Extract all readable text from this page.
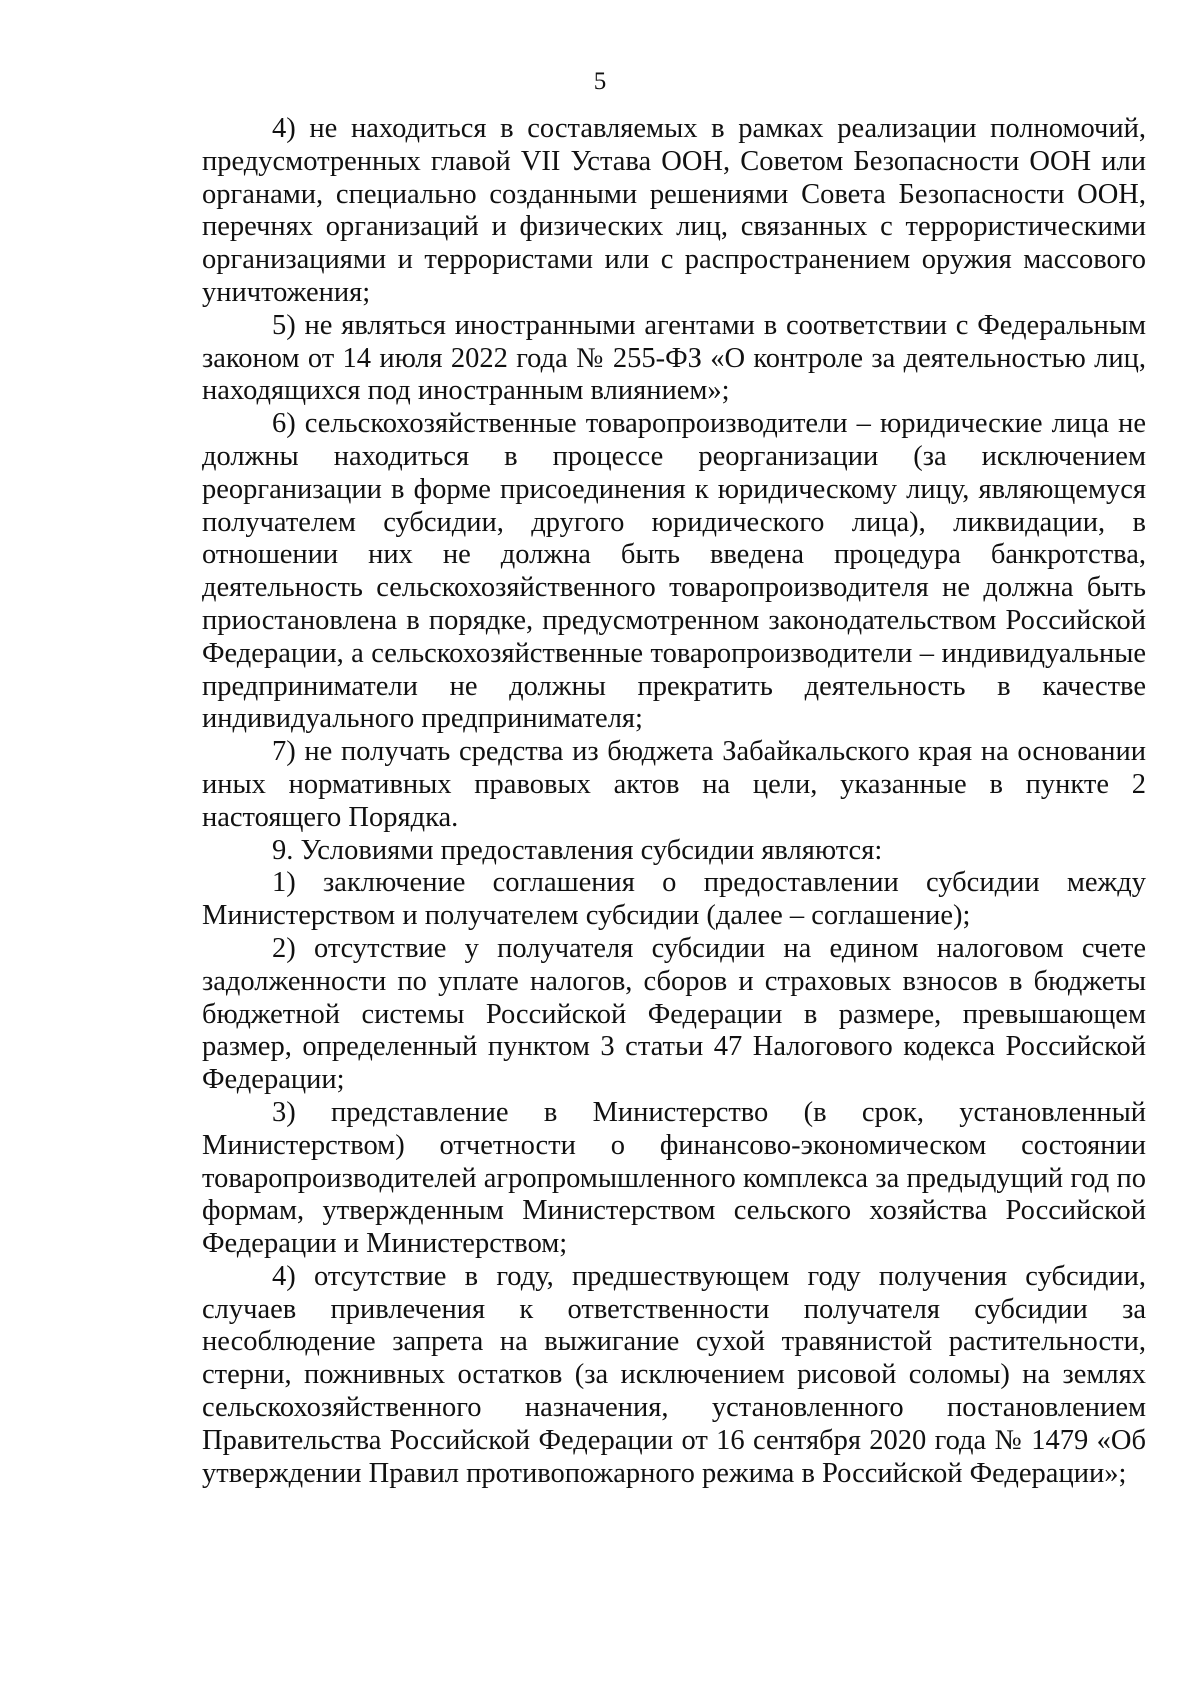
5

4) не находиться в составляемых в рамках реализации полномочий, предусмотренных главой VII Устава ООН, Советом Безопасности ООН или органами, специально созданными решениями Совета Безопасности ООН, перечнях организаций и физических лиц, связанных с террористическими организациями и террористами или с распространением оружия массового уничтожения;

5) не являться иностранными агентами в соответствии с Федеральным законом от 14 июля 2022 года № 255-ФЗ «О контроле за деятельностью лиц, находящихся под иностранным влиянием»;

6) сельскохозяйственные товаропроизводители – юридические лица не должны находиться в процессе реорганизации (за исключением реорганизации в форме присоединения к юридическому лицу, являющемуся получателем субсидии, другого юридического лица), ликвидации, в отношении них не должна быть введена процедура банкротства, деятельность сельскохозяйственного товаропроизводителя не должна быть приостановлена в порядке, предусмотренном законодательством Российской Федерации, а сельскохозяйственные товаропроизводители – индивидуальные предприниматели не должны прекратить деятельность в качестве индивидуального предпринимателя;

7) не получать средства из бюджета Забайкальского края на основании иных нормативных правовых актов на цели, указанные в пункте 2 настоящего Порядка.

9. Условиями предоставления субсидии являются:

1) заключение соглашения о предоставлении субсидии между Министерством и получателем субсидии (далее – соглашение);

2) отсутствие у получателя субсидии на едином налоговом счете задолженности по уплате налогов, сборов и страховых взносов в бюджеты бюджетной системы Российской Федерации в размере, превышающем размер, определенный пунктом 3 статьи 47 Налогового кодекса Российской Федерации;

3) представление в Министерство (в срок, установленный Министерством) отчетности о финансово-экономическом состоянии товаропроизводителей агропромышленного комплекса за предыдущий год по формам, утвержденным Министерством сельского хозяйства Российской Федерации и Министерством;

4) отсутствие в году, предшествующем году получения субсидии, случаев привлечения к ответственности получателя субсидии за несоблюдение запрета на выжигание сухой травянистой растительности, стерни, пожнивных остатков (за исключением рисовой соломы) на землях сельскохозяйственного назначения, установленного постановлением Правительства Российской Федерации от 16 сентября 2020 года № 1479 «Об утверждении Правил противопожарного режима в Российской Федерации»;
